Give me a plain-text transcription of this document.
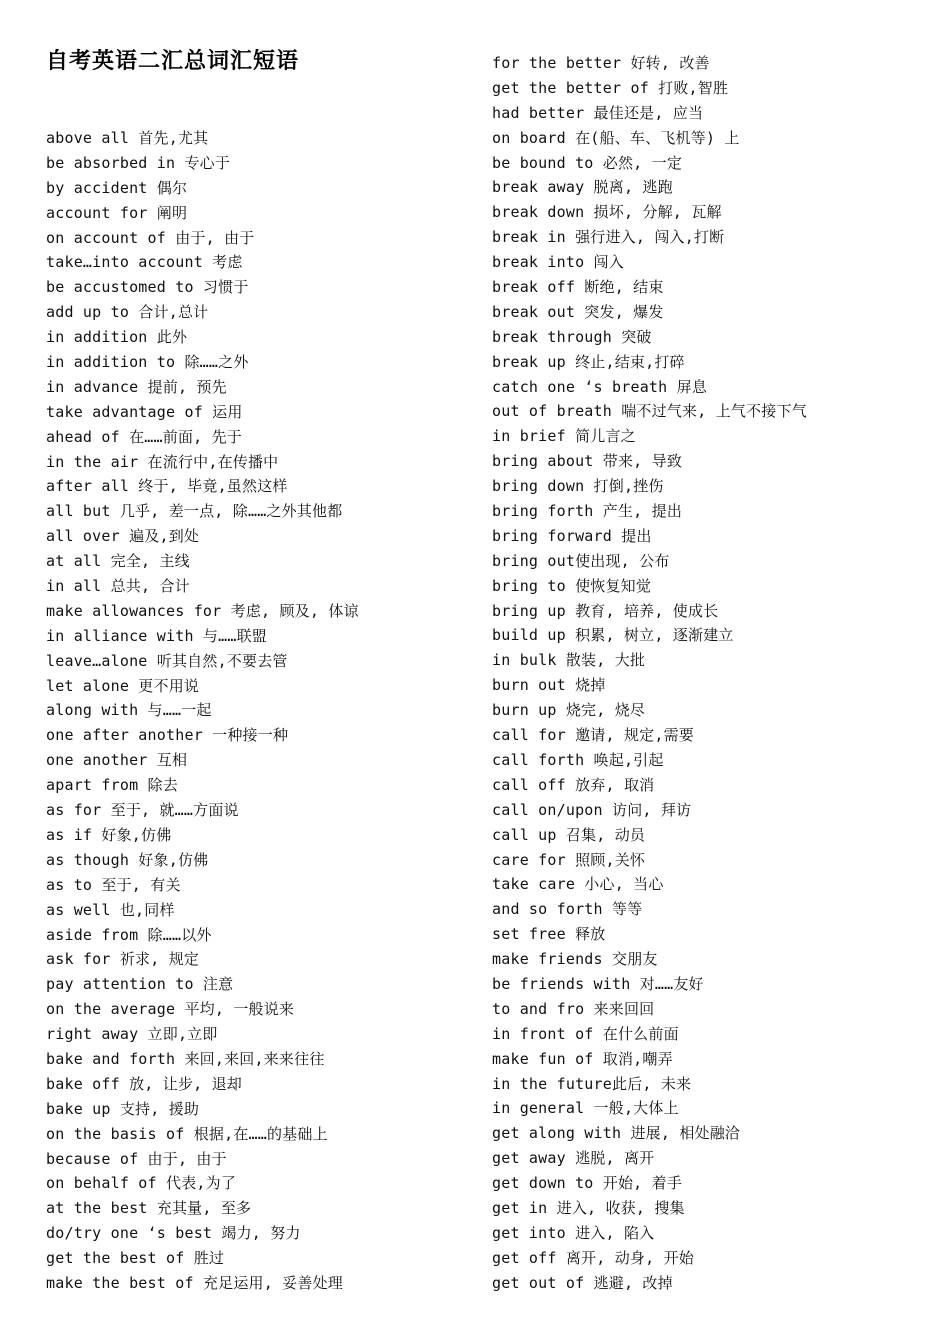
自考英语二汇总词汇短语
above all 首先,尤其
be absorbed in 专心于
by accident 偶尔
account for 阐明
on account of 由于, 由于
take…into account 考虑
be accustomed to 习惯于
add up to 合计,总计
in addition 此外
in addition to 除……之外
in advance 提前, 预先
take advantage of 运用
ahead of 在……前面, 先于
in the air 在流行中,在传播中
after all 终于, 毕竟,虽然这样
all but 几乎, 差一点, 除……之外其他都
all over 遍及,到处
at all 完全, 主线
in all 总共, 合计
make allowances for 考虑, 顾及, 体谅
in alliance with 与……联盟
leave…alone 听其自然,不要去管
let alone 更不用说
along with 与……一起
one after another 一种接一种
one another 互相
apart from 除去
as for 至于, 就……方面说
as if 好象,仿佛
as though 好象,仿佛
as to 至于, 有关
as well 也,同样
aside from 除……以外
ask for 祈求, 规定
pay attention to 注意
on the average 平均, 一般说来
right away 立即,立即
bake and forth 来回,来回,来来往往
bake off 放, 让步, 退却
bake up 支持, 援助
on the basis of 根据,在……的基础上
because of 由于, 由于
on behalf of 代表,为了
at the best 充其量, 至多
do/try one ‘s best 竭力, 努力
get the best of 胜过
make the best of 充足运用, 妥善处理
for the better 好转, 改善
get the better of 打败,智胜
had better 最佳还是, 应当
on board 在(船、车、飞机等) 上
be bound to 必然, 一定
break away 脱离, 逃跑
break down 损坏, 分解, 瓦解
break in 强行进入, 闯入,打断
break into 闯入
break off 断绝, 结束
break out 突发, 爆发
break through 突破
break up 终止,结束,打碎
catch one ‘s breath 屏息
out of breath 喘不过气来, 上气不接下气
in brief 简儿言之
bring about 带来, 导致
bring down 打倒,挫伤
bring forth 产生, 提出
bring forward 提出
bring out使出现, 公布
bring to 使恢复知觉
bring up 教育, 培养, 使成长
build up 积累, 树立, 逐渐建立
in bulk 散装, 大批
burn out 烧掉
burn up 烧完, 烧尽
call for 邀请, 规定,需要
call forth 唤起,引起
call off 放弃, 取消
call on/upon 访问, 拜访
call up 召集, 动员
care for 照顾,关怀
take care 小心, 当心
and so forth 等等
set free 释放
make friends 交朋友
be friends with 对……友好
to and fro 来来回回
in front of 在什么前面
make fun of 取消,嘲弄
in the future此后, 未来
in general 一般,大体上
get along with 进展, 相处融洽
get away 逃脱, 离开
get down to 开始, 着手
get in 进入, 收获, 搜集
get into 进入, 陷入
get off 离开, 动身, 开始
get out of 逃避, 改掉
